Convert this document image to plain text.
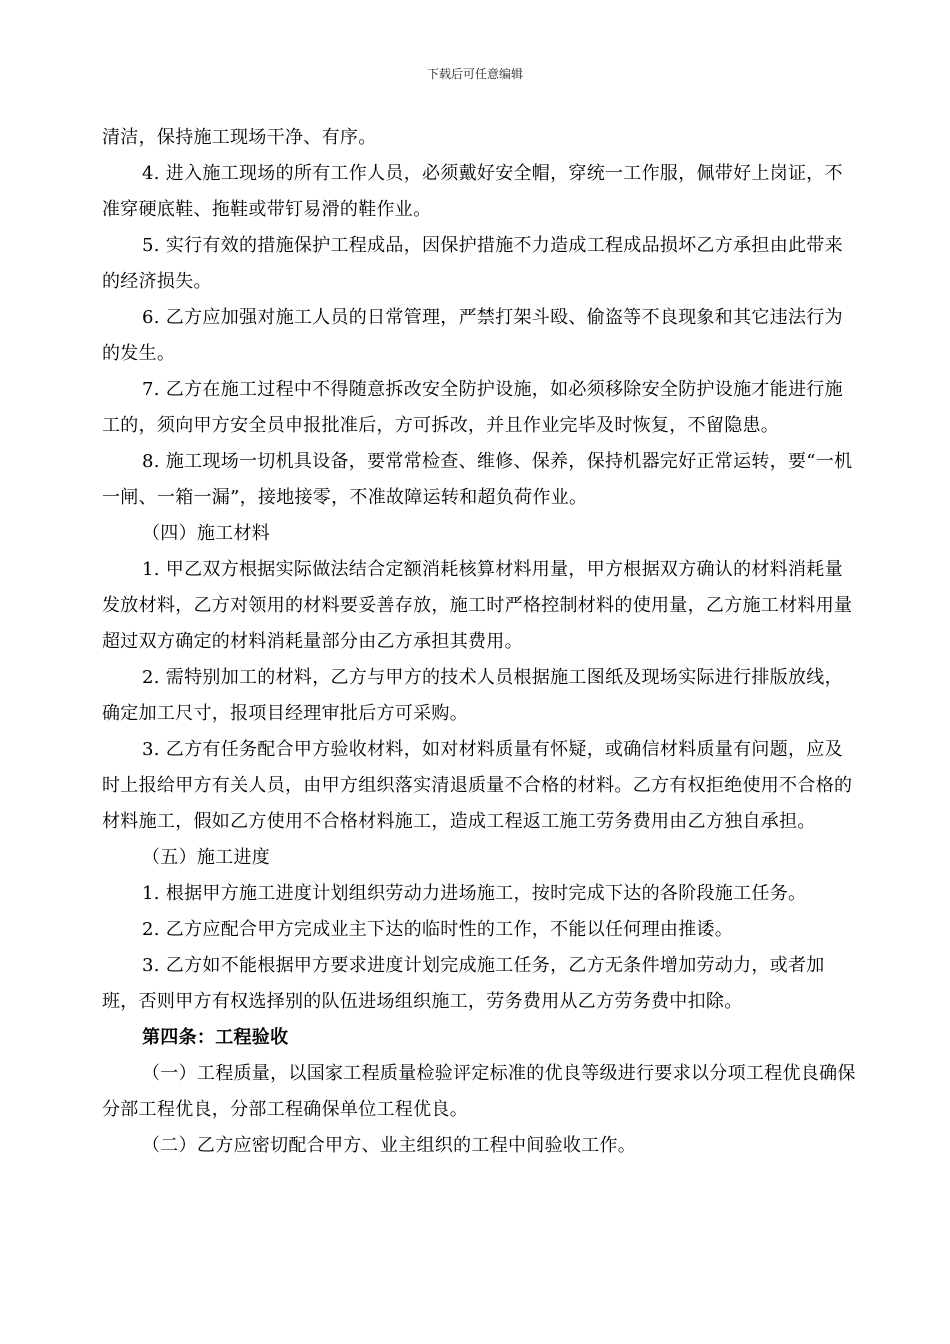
下载后可任意编辑

清洁，保持施工现场干净、有序。

4. 进入施工现场的所有工作人员，必须戴好安全帽，穿统一工作服，佩带好上岗证，不准穿硬底鞋、拖鞋或带钉易滑的鞋作业。

5. 实行有效的措施保护工程成品，因保护措施不力造成工程成品损坏乙方承担由此带来的经济损失。

6. 乙方应加强对施工人员的日常管理，严禁打架斗殴、偷盗等不良现象和其它违法行为的发生。

7. 乙方在施工过程中不得随意拆改安全防护设施，如必须移除安全防护设施才能进行施工的，须向甲方安全员申报批准后，方可拆改，并且作业完毕及时恢复，不留隐患。

8. 施工现场一切机具设备，要常常检查、维修、保养，保持机器完好正常运转，要“一机一闸、一箱一漏”，接地接零，不准故障运转和超负荷作业。

（四）施工材料

1. 甲乙双方根据实际做法结合定额消耗核算材料用量，甲方根据双方确认的材料消耗量发放材料，乙方对领用的材料要妥善存放，施工时严格控制材料的使用量，乙方施工材料用量超过双方确定的材料消耗量部分由乙方承担其费用。

2. 需特别加工的材料，乙方与甲方的技术人员根据施工图纸及现场实际进行排版放线，确定加工尺寸，报项目经理审批后方可采购。

3. 乙方有任务配合甲方验收材料，如对材料质量有怀疑，或确信材料质量有问题，应及时上报给甲方有关人员，由甲方组织落实清退质量不合格的材料。乙方有权拒绝使用不合格的材料施工，假如乙方使用不合格材料施工，造成工程返工施工劳务费用由乙方独自承担。

（五）施工进度

1. 根据甲方施工进度计划组织劳动力进场施工，按时完成下达的各阶段施工任务。

2. 乙方应配合甲方完成业主下达的临时性的工作，不能以任何理由推诿。

3. 乙方如不能根据甲方要求进度计划完成施工任务，乙方无条件增加劳动力，或者加班，否则甲方有权选择别的队伍进场组织施工，劳务费用从乙方劳务费中扣除。

第四条：工程验收

（一）工程质量，以国家工程质量检验评定标准的优良等级进行要求以分项工程优良确保分部工程优良，分部工程确保单位工程优良。

（二）乙方应密切配合甲方、业主组织的工程中间验收工作。
